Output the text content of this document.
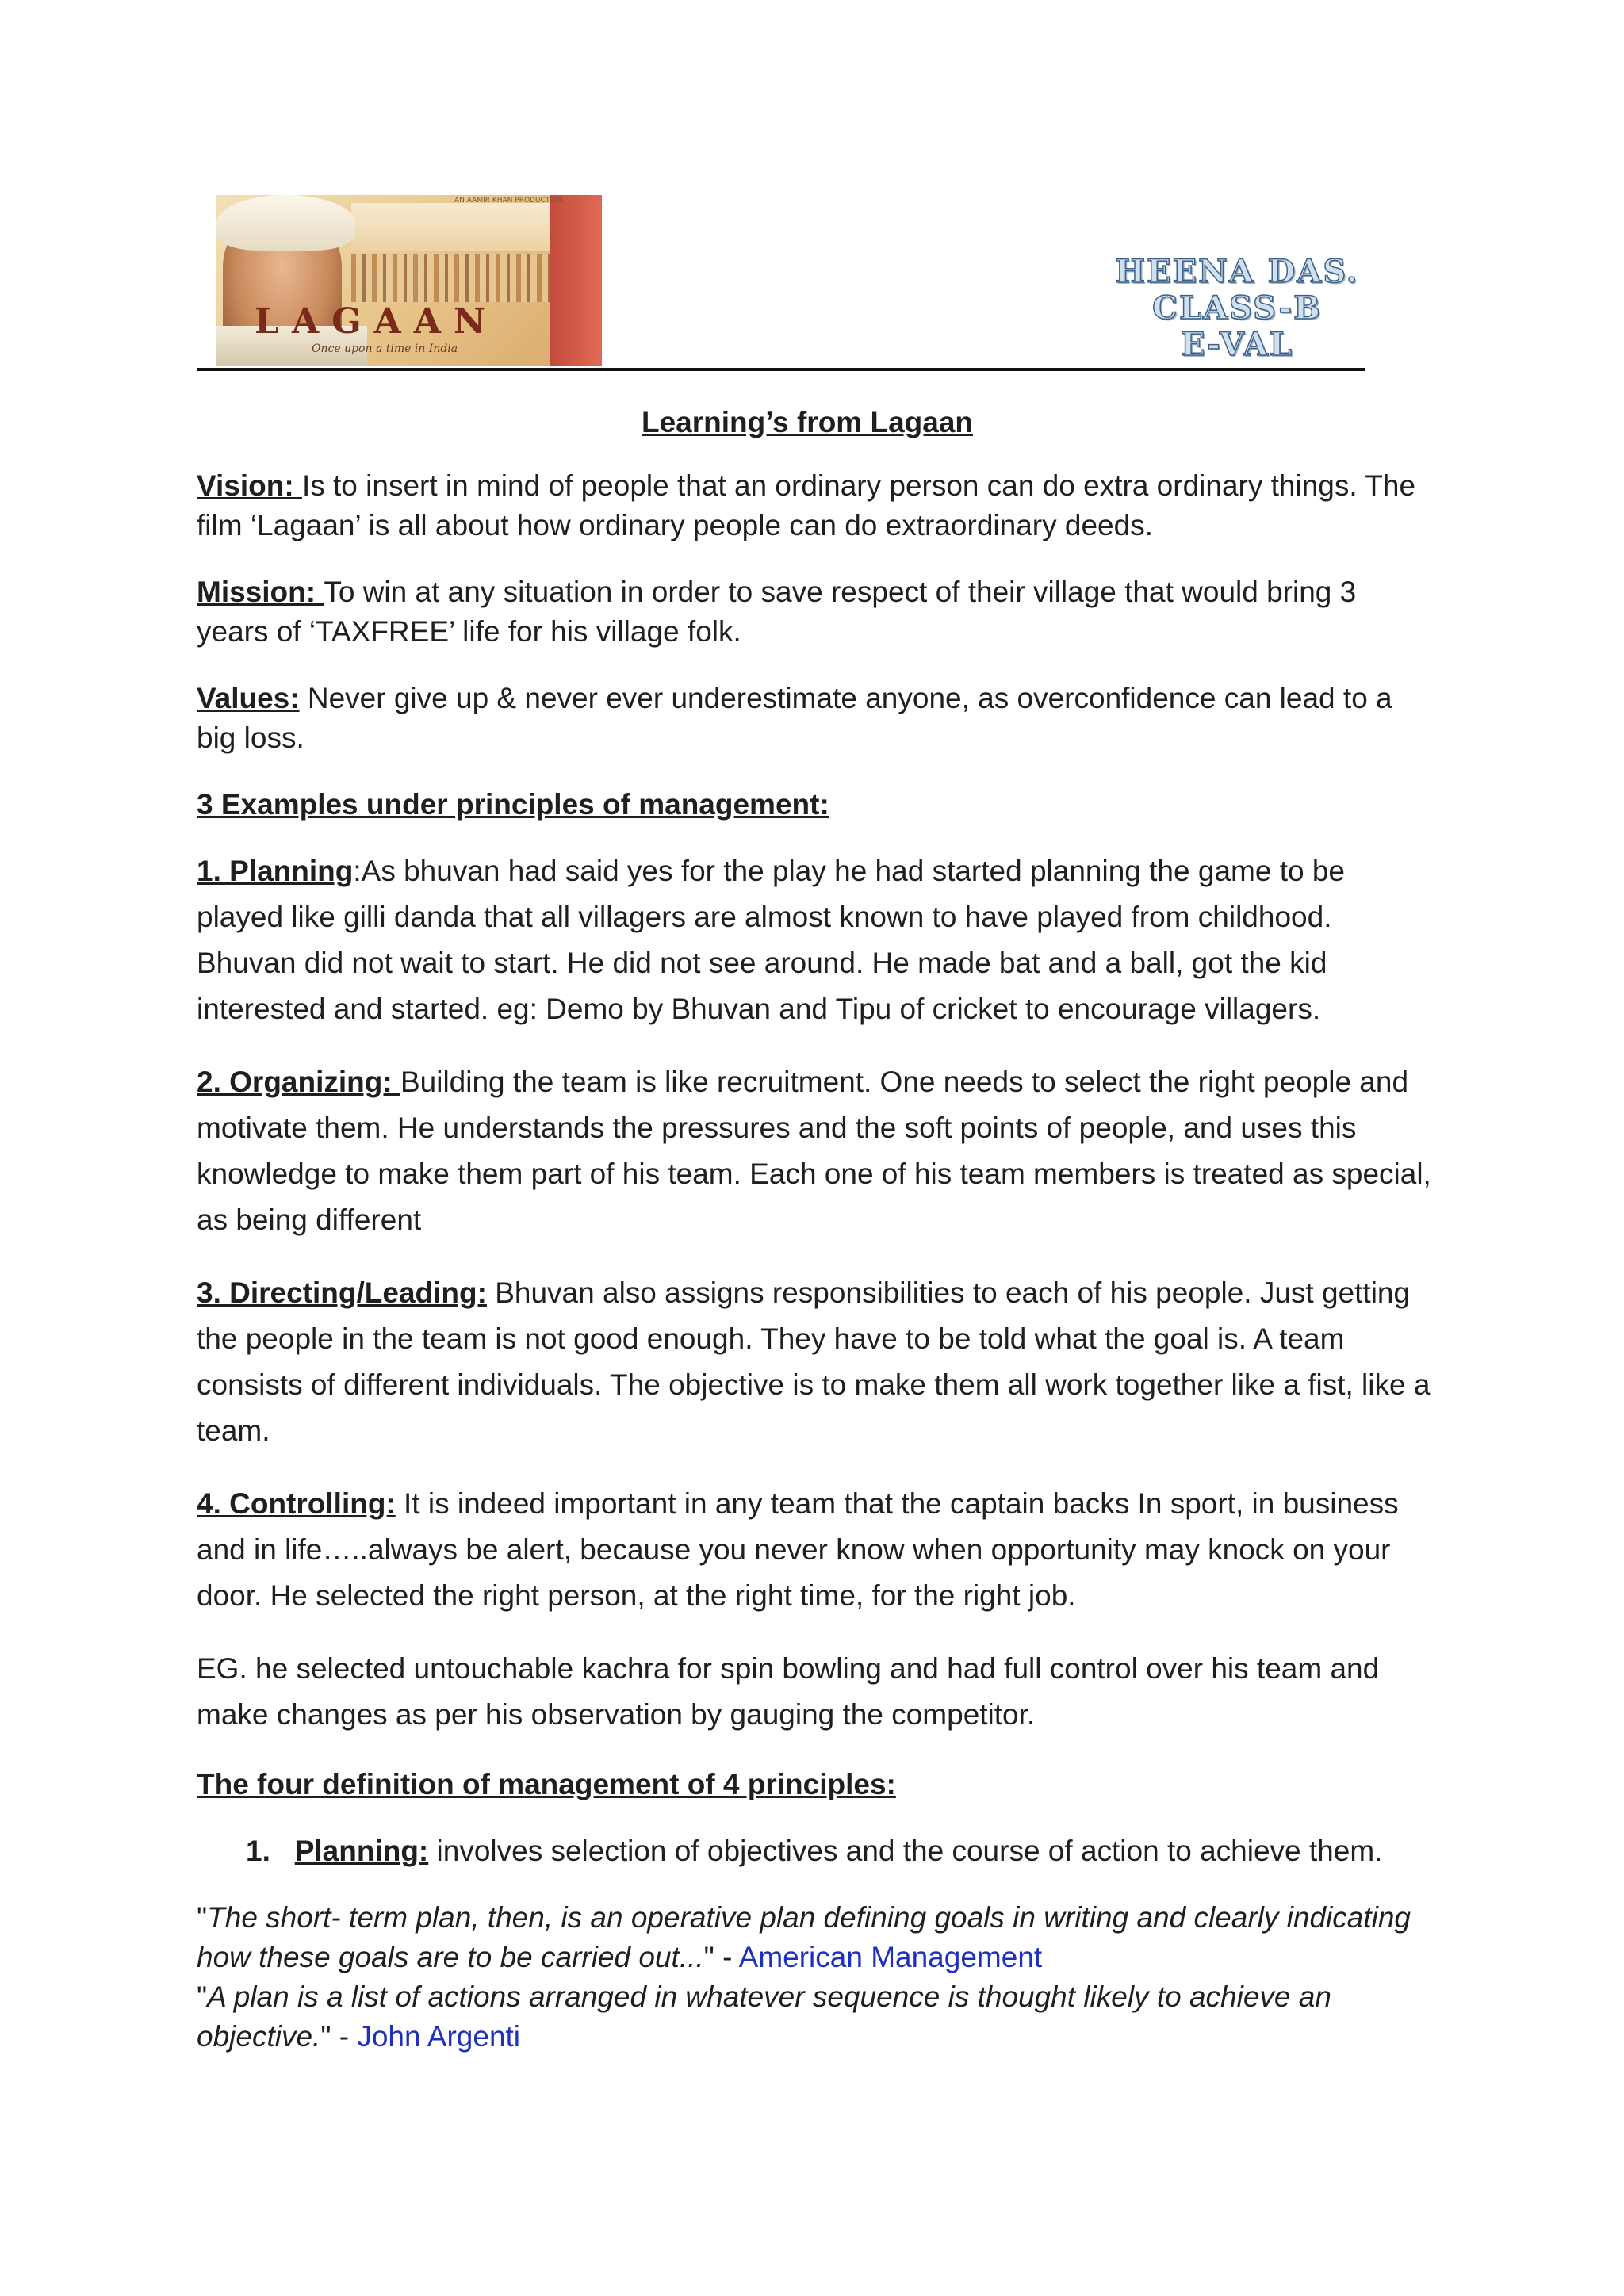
AN AAMIR KHAN PRODUCTION
LAGAAN
Once upon a time in India
HEENA DAS.
CLASS-B
E-VAL

Learning’s from Lagaan

Vision: Is to insert in mind of people that an ordinary person can do extra ordinary things. The film ‘Lagaan’ is all about how ordinary people can do extraordinary deeds.

Mission: To win at any situation in order to save respect of their village that would bring 3 years of ‘TAXFREE’ life for his village folk.

Values: Never give up & never ever underestimate anyone, as overconfidence can lead to a big loss.

3 Examples under principles of management:

1. Planning:As bhuvan had said yes for the play he had started planning the game to be played like gilli danda that all villagers are almost known to have played from childhood. Bhuvan did not wait to start. He did not see around. He made bat and a ball, got the kid interested and started. eg: Demo by Bhuvan and Tipu of cricket to encourage villagers.

2. Organizing: Building the team is like recruitment. One needs to select the right people and motivate them. He understands the pressures and the soft points of people, and uses this knowledge to make them part of his team. Each one of his team members is treated as special, as being different

3. Directing/Leading: Bhuvan also assigns responsibilities to each of his people. Just getting the people in the team is not good enough. They have to be told what the goal is. A team consists of different individuals. The objective is to make them all work together like a fist, like a team.

4. Controlling: It is indeed important in any team that the captain backs In sport, in business and in life…..always be alert, because you never know when opportunity may knock on your door. He selected the right person, at the right time, for the right job.

EG. he selected untouchable kachra for spin bowling and had full control over his team and make changes as per his observation by gauging the competitor.

The four definition of management of 4 principles:

1. Planning: involves selection of objectives and the course of action to achieve them.

"The short- term plan, then, is an operative plan defining goals in writing and clearly indicating how these goals are to be carried out..." - American Management

"A plan is a list of actions arranged in whatever sequence is thought likely to achieve an objective." - John Argenti
